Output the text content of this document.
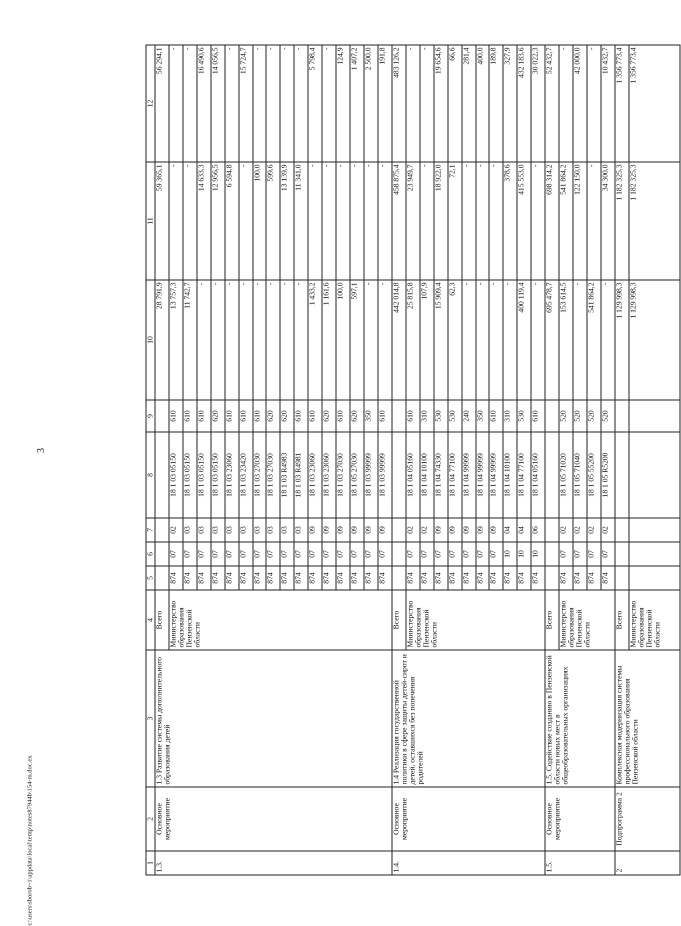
3
1	2	3	4	5	6	7	8	9	10	11	12
1.3.	Основное мероприятие	1.3 Развитие системы дополнительного образования детей	Всего						28 791,9	59 365,1	56 294,1
			Министерство образования Пензенской области	874	07	02	18 1 03 05150	610	13 757,3	-	-
				874	07	03	18 1 03 05150	610	11 742,7	-	-
				874	07	03	18 1 03 05150	610	-	14 633,3	16 490,6
				874	07	03	18 1 03 05150	620	-	12 956,5	14 056,5
				874	07	03	18 1 03 23060	610	-	6 594,8	-
				874	07	03	18 1 03 23420	610	-	-	15 724,7
				874	07	03	18 1 03 27030	610	-	100,0	-
				874	07	03	18 1 03 27030	620	-	599,6	-
				874	07	03	18 1 03 R4983	620	-	13 139,9	-
				874	07	03	18 1 03 R4981	610	-	11 341,0	-
				874	07	09	18 1 03 23060	610	1 433,2	-	5 798,4
				874	07	09	18 1 03 23060	620	1 161,6	-	-
				874	07	09	18 1 03 27030	610	100,0	-	124,9
				874	07	09	18 1 05 27030	620	597,1	-	1 407,2
				874	07	09	18 1 03 99999	350	-	-	2 500,0
				874	07	09	18 1 03 99999	610	-	-	191,8
1.4.	Основное мероприятие	1.4 Реализация государственной политики в сфере защиты детей-сирот и детей, оставшихся без попечения родителей	Всего						442 014,8	458 875,4	483 126,2
			Министерство образования Пензенской области	874	07	02	18 1 04 05160	610	25 815,8	23 949,7	-
				874	07	02	18 1 04 10100	310	107,9	-	-
				874	07	09	18 1 04 74330	530	15 909,4	18 922,0	19 654,6
				874	07	09	18 1 04 77100	530	62,3	72,1	66,6
				874	07	09	18 1 04 99999	240	-	-	281,4
				874	07	09	18 1 04 99999	350	-	-	400,0
				874	07	09	18 1 04 99999	610	-	-	189,8
				874	10	04	18 1 04 10100	310	-	378,6	327,9
				874	10	04	18 1 04 77100	530	400 119,4	415 553,0	432 183,6
				874	10	06	18 1 04 05160	610	-	-	30 022,3
1.5.	Основное мероприятие	1.5. Содействие созданию в Пензенской области новых мест в общеобразовательных организациях	Всего						695 478,7	698 314,2	52 432,7
			Министерство образования Пензенской области	874	07	02	18 1 05 71020	520	153 614,5	541 864,2	-
				874	07	02	18 1 05 71040	520	-	122 150,0	42 000,0
				874	07	02	18 1 05 55200	520	541 864,2	-	-
				874	07	02	18 1 05 R5200	520	-	34 300,0	10 432,7
2	Подпрограмма 2	Комплексная модернизация системы профессионального образования Пензенской области	Всего						1 129 998,3	1 182 325,3	1 356 773,4
			Министерство образования Пензенской области						1 129 998,3	1 182 325,3	1 356 773,4
c:\users\sborob~1\appdata\local\temp\notes87944b\154-m.doc.ex
